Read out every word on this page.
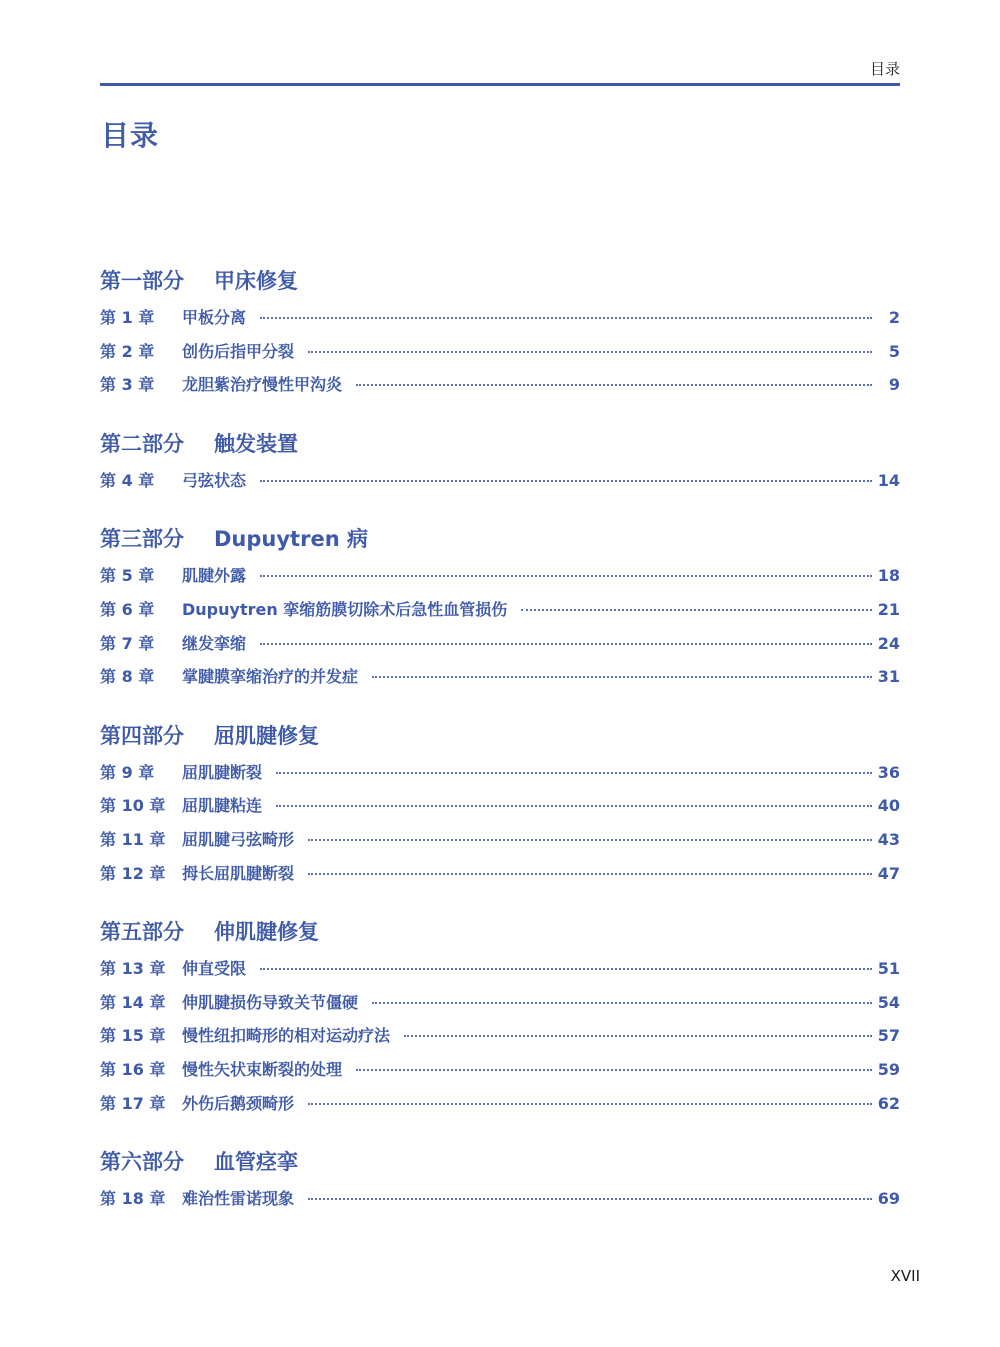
目录
目录
第一部分	甲床修复
第 1 章	甲板分离	2
第 2 章	创伤后指甲分裂	5
第 3 章	龙胆紫治疗慢性甲沟炎	9
第二部分	触发装置
第 4 章	弓弦状态	14
第三部分	Dupuytren 病
第 5 章	肌腱外露	18
第 6 章	Dupuytren 挛缩筋膜切除术后急性血管损伤	21
第 7 章	继发挛缩	24
第 8 章	掌腱膜挛缩治疗的并发症	31
第四部分	屈肌腱修复
第 9 章	屈肌腱断裂	36
第 10 章	屈肌腱粘连	40
第 11 章	屈肌腱弓弦畸形	43
第 12 章	拇长屈肌腱断裂	47
第五部分	伸肌腱修复
第 13 章	伸直受限	51
第 14 章	伸肌腱损伤导致关节僵硬	54
第 15 章	慢性纽扣畸形的相对运动疗法	57
第 16 章	慢性矢状束断裂的处理	59
第 17 章	外伤后鹅颈畸形	62
第六部分	血管痉挛
第 18 章	难治性雷诺现象	69
XVII
